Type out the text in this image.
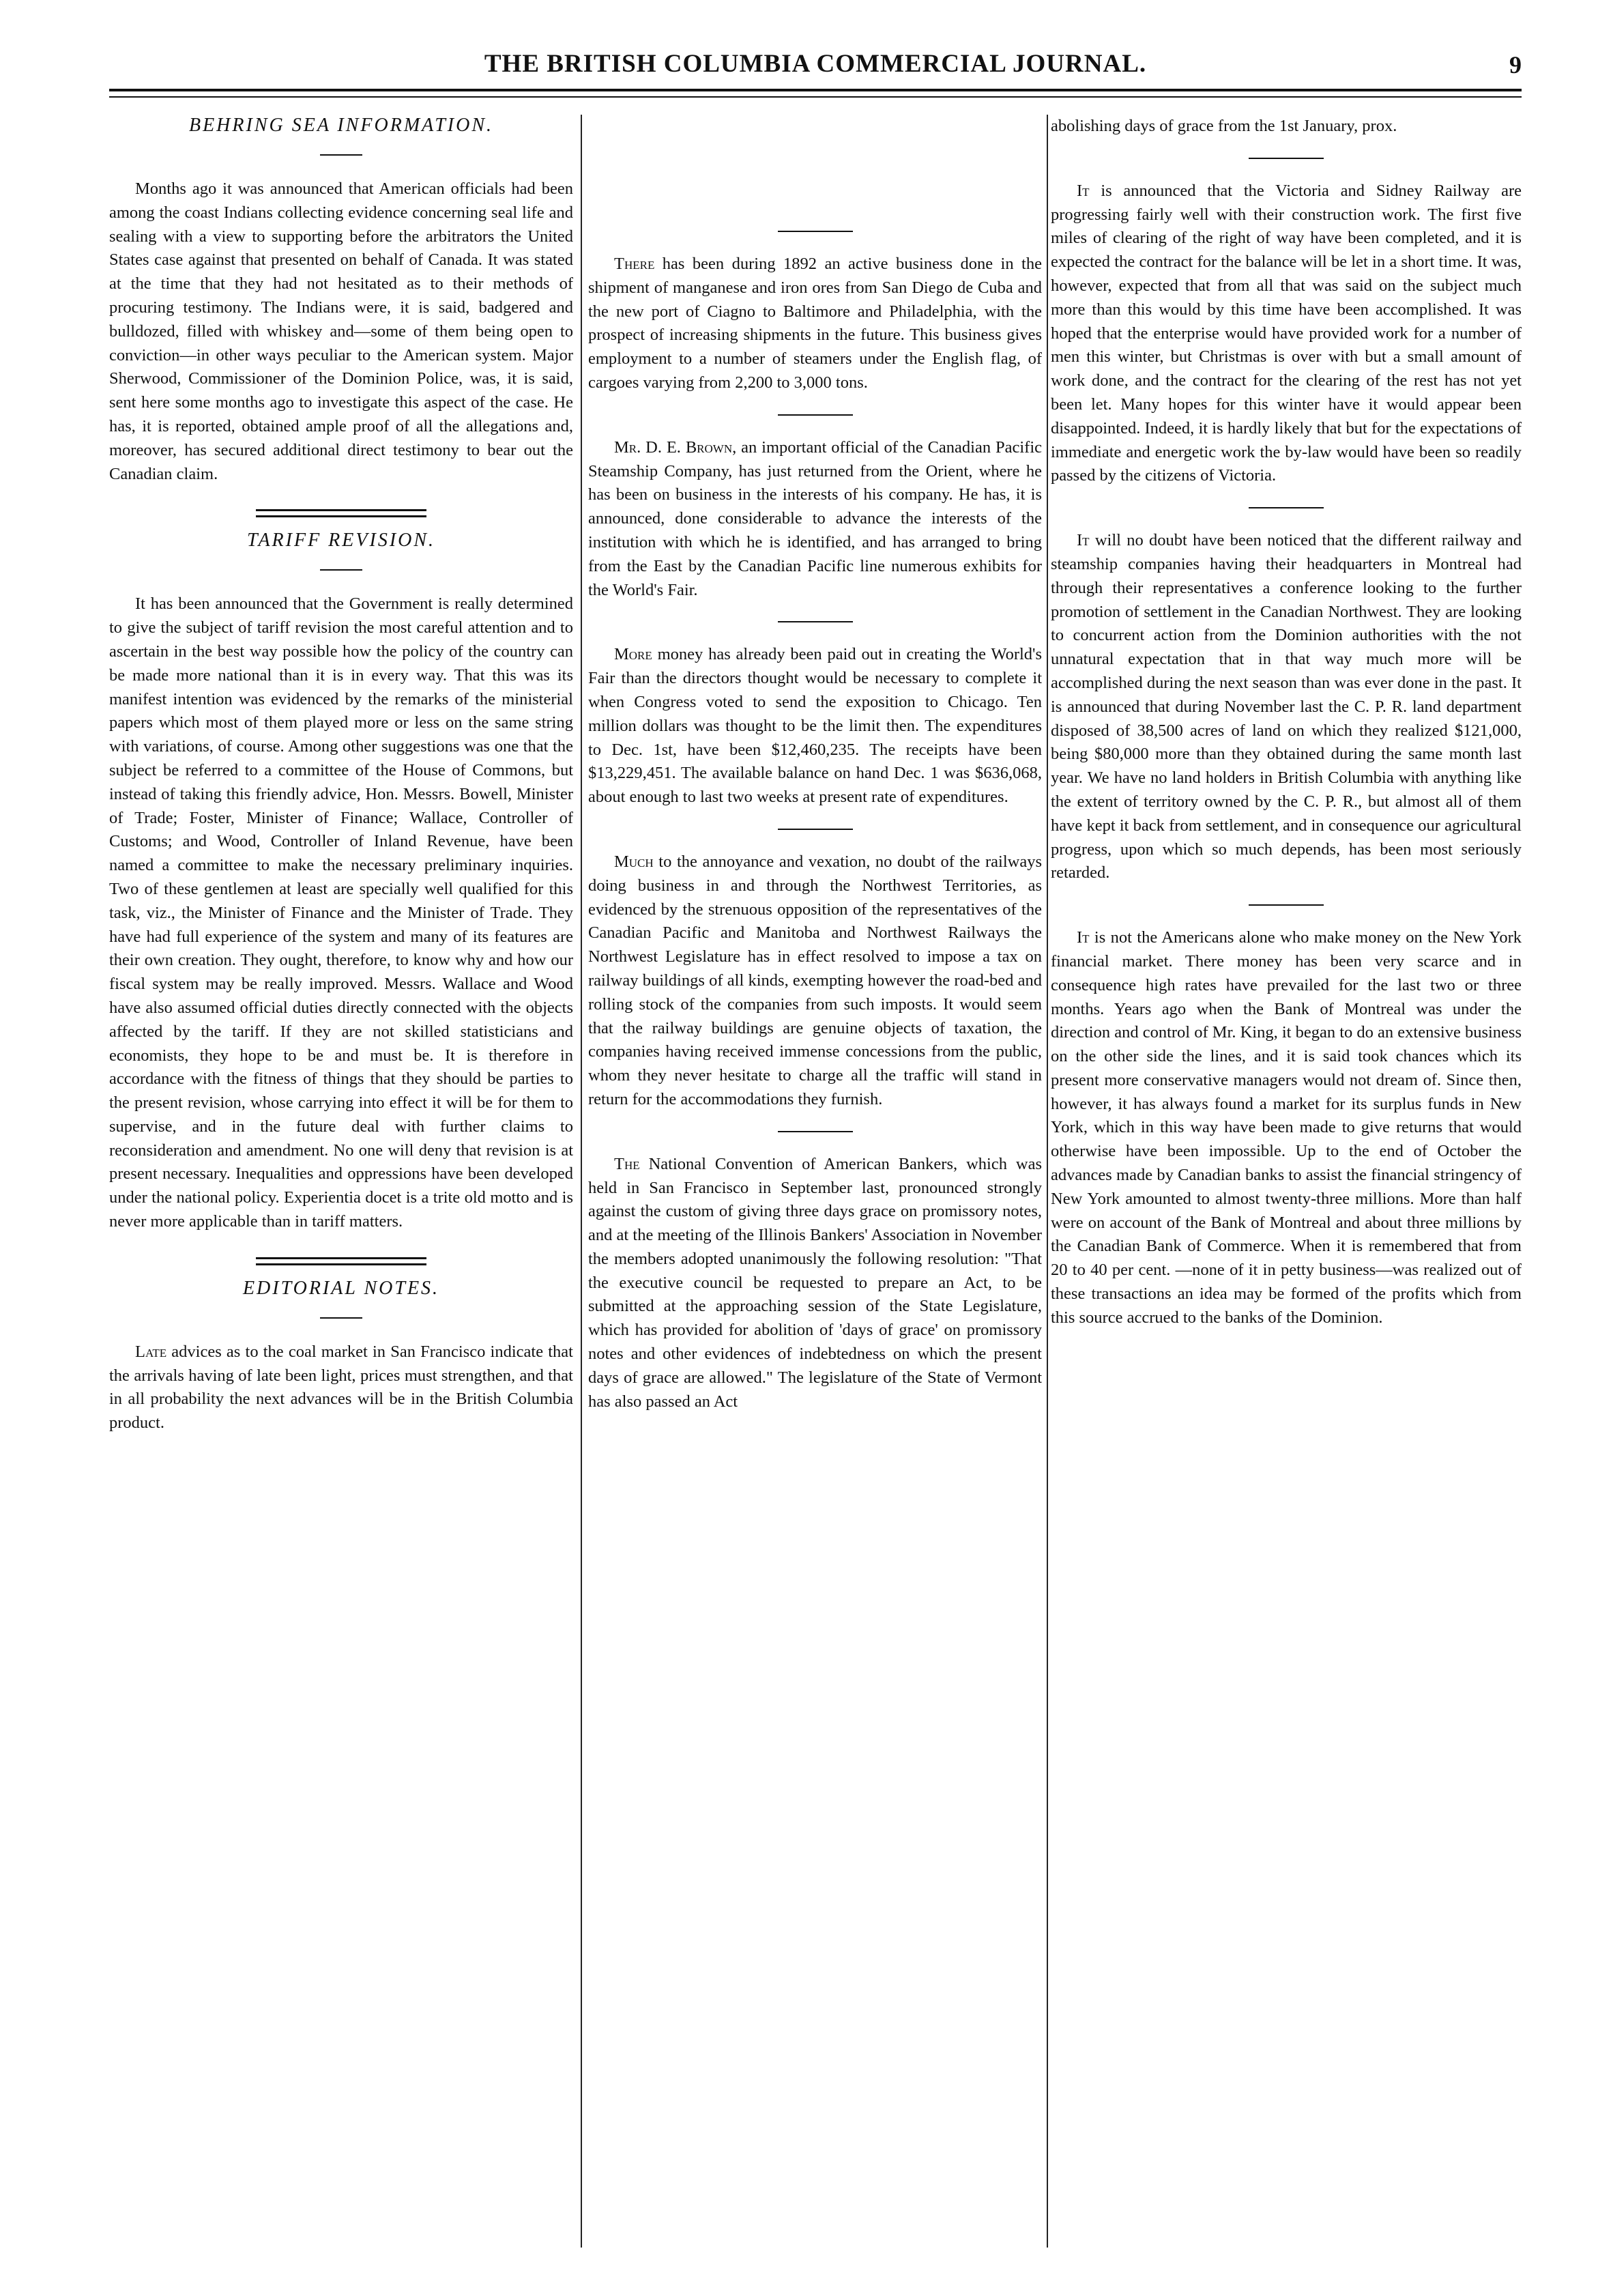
THE BRITISH COLUMBIA COMMERCIAL JOURNAL.	9
BEHRING SEA INFORMATION.

Months ago it was announced that American officials had been among the coast Indians collecting evidence concerning seal life and sealing with a view to supporting before the arbitrators the United States case against that presented on behalf of Canada. It was stated at the time that they had not hesitated as to their methods of procuring testimony. The Indians were, it is said, badgered and bulldozed, filled with whiskey and—some of them being open to conviction—in other ways peculiar to the American system. Major Sherwood, Commissioner of the Dominion Police, was, it is said, sent here some months ago to investigate this aspect of the case. He has, it is reported, obtained ample proof of all the allegations and, moreover, has secured additional direct testimony to bear out the Canadian claim.

TARIFF REVISION.

It has been announced that the Government is really determined to give the subject of tariff revision the most careful attention and to ascertain in the best way possible how the policy of the country can be made more national than it is in every way. That this was its manifest intention was evidenced by the remarks of the ministerial papers which most of them played more or less on the same string with variations, of course. Among other suggestions was one that the subject be referred to a committee of the House of Commons, but instead of taking this friendly advice, Hon. Messrs. Bowell, Minister of Trade; Foster, Minister of Finance; Wallace, Controller of Customs; and Wood, Controller of Inland Revenue, have been named a committee to make the necessary preliminary inquiries. Two of these gentlemen at least are specially well qualified for this task, viz., the Minister of Finance and the Minister of Trade. They have had full experience of the system and many of its features are their own creation. They ought, therefore, to know why and how our fiscal system may be really improved. Messrs. Wallace and Wood have also assumed official duties directly connected with the objects affected by the tariff. If they are not skilled statisticians and economists, they hope to be and must be. It is therefore in accordance with the fitness of things that they should be parties to the present revision, whose carrying into effect it will be for them to supervise, and in the future deal with further claims to reconsideration and amendment. No one will deny that revision is at present necessary. Inequalities and oppressions have been developed under the national policy. Experientia docet is a trite old motto and is never more applicable than in tariff matters.

EDITORIAL NOTES.

Late advices as to the coal market in San Francisco indicate that the arrivals having of late been light, prices must strengthen, and that in all probability the next advances will be in the British Columbia product.

There has been during 1892 an active business done in the shipment of manganese and iron ores from San Diego de Cuba and the new port of Ciagno to Baltimore and Philadelphia, with the prospect of increasing shipments in the future. This business gives employment to a number of steamers under the English flag, of cargoes varying from 2,200 to 3,000 tons.

Mr. D. E. Brown, an important official of the Canadian Pacific Steamship Company, has just returned from the Orient, where he has been on business in the interests of his company. He has, it is announced, done considerable to advance the interests of the institution with which he is identified, and has arranged to bring from the East by the Canadian Pacific line numerous exhibits for the World's Fair.

More money has already been paid out in creating the World's Fair than the directors thought would be necessary to complete it when Congress voted to send the exposition to Chicago. Ten million dollars was thought to be the limit then. The expenditures to Dec. 1st, have been $12,460,235. The receipts have been $13,229,451. The available balance on hand Dec. 1 was $636,068, about enough to last two weeks at present rate of expenditures.

Much to the annoyance and vexation, no doubt of the railways doing business in and through the Northwest Territories, as evidenced by the strenuous opposition of the representatives of the Canadian Pacific and Manitoba and Northwest Railways the Northwest Legislature has in effect resolved to impose a tax on railway buildings of all kinds, exempting however the road-bed and rolling stock of the companies from such imposts. It would seem that the railway buildings are genuine objects of taxation, the companies having received immense concessions from the public, whom they never hesitate to charge all the traffic will stand in return for the accommodations they furnish.

The National Convention of American Bankers, which was held in San Francisco in September last, pronounced strongly against the custom of giving three days grace on promissory notes, and at the meeting of the Illinois Bankers' Association in November the members adopted unanimously the following resolution: "That the executive council be requested to prepare an Act, to be submitted at the approaching session of the State Legislature, which has provided for abolition of 'days of grace' on promissory notes and other evidences of indebtedness on which the present days of grace are allowed." The legislature of the State of Vermont has also passed an Act

abolishing days of grace from the 1st January, prox.

It is announced that the Victoria and Sidney Railway are progressing fairly well with their construction work. The first five miles of clearing of the right of way have been completed, and it is expected the contract for the balance will be let in a short time. It was, however, expected that from all that was said on the subject much more than this would by this time have been accomplished. It was hoped that the enterprise would have provided work for a number of men this winter, but Christmas is over with but a small amount of work done, and the contract for the clearing of the rest has not yet been let. Many hopes for this winter have it would appear been disappointed. Indeed, it is hardly likely that but for the expectations of immediate and energetic work the by-law would have been so readily passed by the citizens of Victoria.

It will no doubt have been noticed that the different railway and steamship companies having their headquarters in Montreal had through their representatives a conference looking to the further promotion of settlement in the Canadian Northwest. They are looking to concurrent action from the Dominion authorities with the not unnatural expectation that in that way much more will be accomplished during the next season than was ever done in the past. It is announced that during November last the C. P. R. land department disposed of 38,500 acres of land on which they realized $121,000, being $80,000 more than they obtained during the same month last year. We have no land holders in British Columbia with anything like the extent of territory owned by the C. P. R., but almost all of them have kept it back from settlement, and in consequence our agricultural progress, upon which so much depends, has been most seriously retarded.

It is not the Americans alone who make money on the New York financial market. There money has been very scarce and in consequence high rates have prevailed for the last two or three months. Years ago when the Bank of Montreal was under the direction and control of Mr. King, it began to do an extensive business on the other side the lines, and it is said took chances which its present more conservative managers would not dream of. Since then, however, it has always found a market for its surplus funds in New York, which in this way have been made to give returns that would otherwise have been impossible. Up to the end of October the advances made by Canadian banks to assist the financial stringency of New York amounted to almost twenty-three millions. More than half were on account of the Bank of Montreal and about three millions by the Canadian Bank of Commerce. When it is remembered that from 20 to 40 per cent. —none of it in petty business—was realized out of these transactions an idea may be formed of the profits which from this source accrued to the banks of the Dominion.
